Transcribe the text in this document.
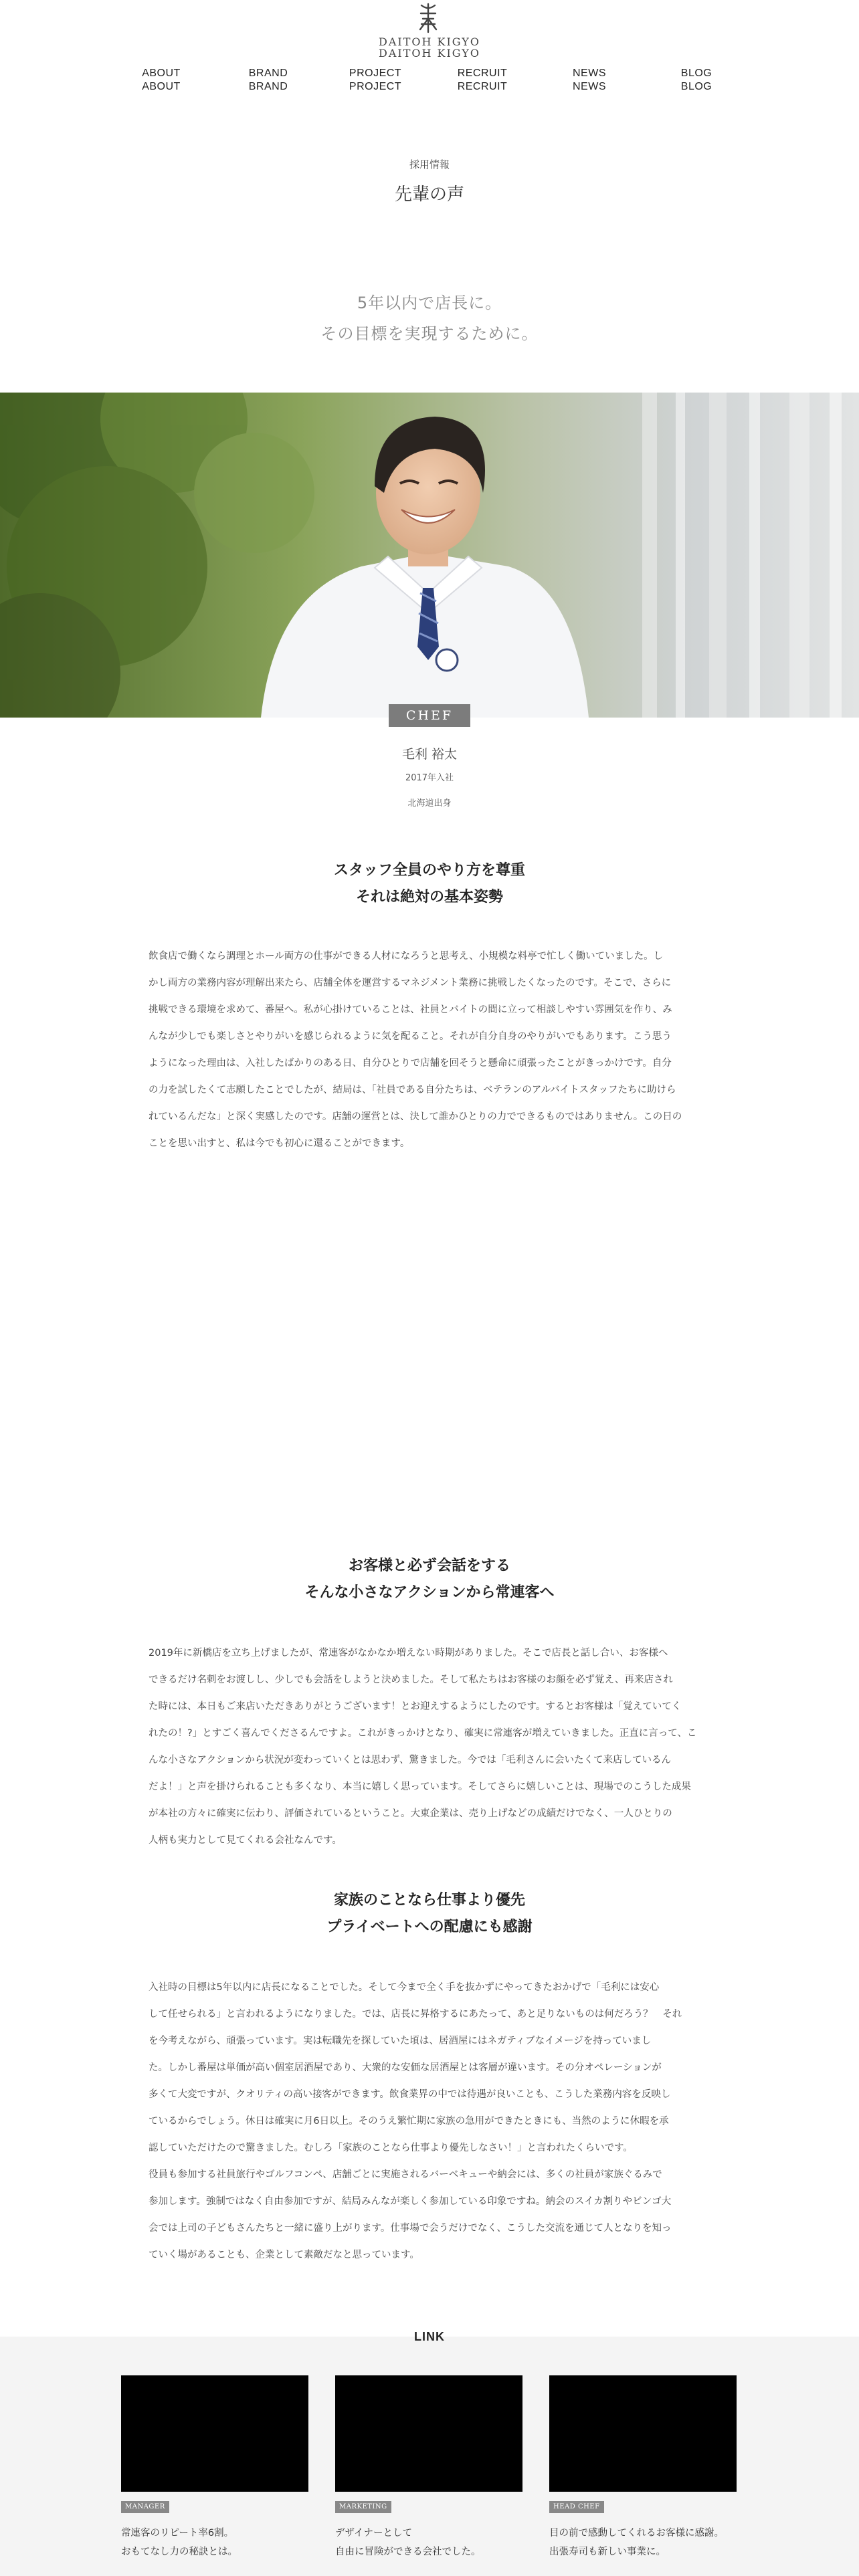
DAITOH KIGYO
DAITOH KIGYO
ABOUT
ABOUT
BRAND
BRAND
PROJECT
PROJECT
RECRUIT
RECRUIT
NEWS
NEWS
BLOG
BLOG
採用情報
先輩の声
5年以内で店長に。
その目標を実現するために。
CHEF
毛利 裕太
2017年入社
北海道出身
スタッフ全員のやり方を尊重
それは絶対の基本姿勢
飲食店で働くなら調理とホール両方の仕事ができる人材になろうと思考え、小規模な料亭で忙しく働いていました。し
かし両方の業務内容が理解出来たら、店舗全体を運営するマネジメント業務に挑戦したくなったのです。そこで、さらに
挑戦できる環境を求めて、番屋へ。私が心掛けていることは、社員とバイトの間に立って相談しやすい雰囲気を作り、み
んなが少しでも楽しさとやりがいを感じられるように気を配ること。それが自分自身のやりがいでもあります。こう思う
ようになった理由は、入社したばかりのある日、自分ひとりで店舗を回そうと懸命に頑張ったことがきっかけです。自分
の力を試したくて志願したことでしたが、結局は、「社員である自分たちは、ベテランのアルバイトスタッフたちに助けら
れているんだな」と深く実感したのです。店舗の運営とは、決して誰かひとりの力でできるものではありません。この日の
ことを思い出すと、私は今でも初心に還ることができます。
お客様と必ず会話をする
そんな小さなアクションから常連客へ
2019年に新橋店を立ち上げましたが、常連客がなかなか増えない時期がありました。そこで店長と話し合い、お客様へ
できるだけ名刺をお渡しし、少しでも会話をしようと決めました。そして私たちはお客様のお顔を必ず覚え、再来店され
た時には、本日もご来店いただきありがとうございます！とお迎えするようにしたのです。するとお客様は「覚えていてく
れたの！?」とすごく喜んでくださるんですよ。これがきっかけとなり、確実に常連客が増えていきました。正直に言って、こ
んな小さなアクションから状況が変わっていくとは思わず、驚きました。今では「毛利さんに会いたくて来店しているん
だよ！」と声を掛けられることも多くなり、本当に嬉しく思っています。そしてさらに嬉しいことは、現場でのこうした成果
が本社の方々に確実に伝わり、評価されているということ。大東企業は、売り上げなどの成績だけでなく、一人ひとりの
人柄も実力として見てくれる会社なんです。
家族のことなら仕事より優先
プライベートへの配慮にも感謝
入社時の目標は5年以内に店長になることでした。そして今まで全く手を抜かずにやってきたおかげで「毛利には安心
して任せられる」と言われるようになりました。では、店長に昇格するにあたって、あと足りないものは何だろう？　それ
を今考えながら、頑張っています。実は転職先を探していた頃は、居酒屋にはネガティブなイメージを持っていまし
た。しかし番屋は単価が高い個室居酒屋であり、大衆的な安価な居酒屋とは客層が違います。その分オペレーションが
多くて大変ですが、クオリティの高い接客ができます。飲食業界の中では待遇が良いことも、こうした業務内容を反映し
ているからでしょう。休日は確実に月6日以上。そのうえ繁忙期に家族の急用ができたときにも、当然のように休暇を承
認していただけたので驚きました。むしろ「家族のことなら仕事より優先しなさい！」と言われたくらいです。
役員も参加する社員旅行やゴルフコンペ、店舗ごとに実施されるバーベキューや納会には、多くの社員が家族ぐるみで
参加します。強制ではなく自由参加ですが、結局みんなが楽しく参加している印象ですね。納会のスイカ割りやビンゴ大
会では上司の子どもさんたちと一緒に盛り上がります。仕事場で会うだけでなく、こうした交流を通じて人となりを知っ
ていく場があることも、企業として素敵だなと思っています。
LINK
MANAGER
常連客のリピート率6割。
おもてなし力の秘訣とは。
MARKETING
デザイナーとして
自由に冒険ができる会社でした。
HEAD CHEF
目の前で感動してくれるお客様に感謝。
出張寿司も新しい事業に。
